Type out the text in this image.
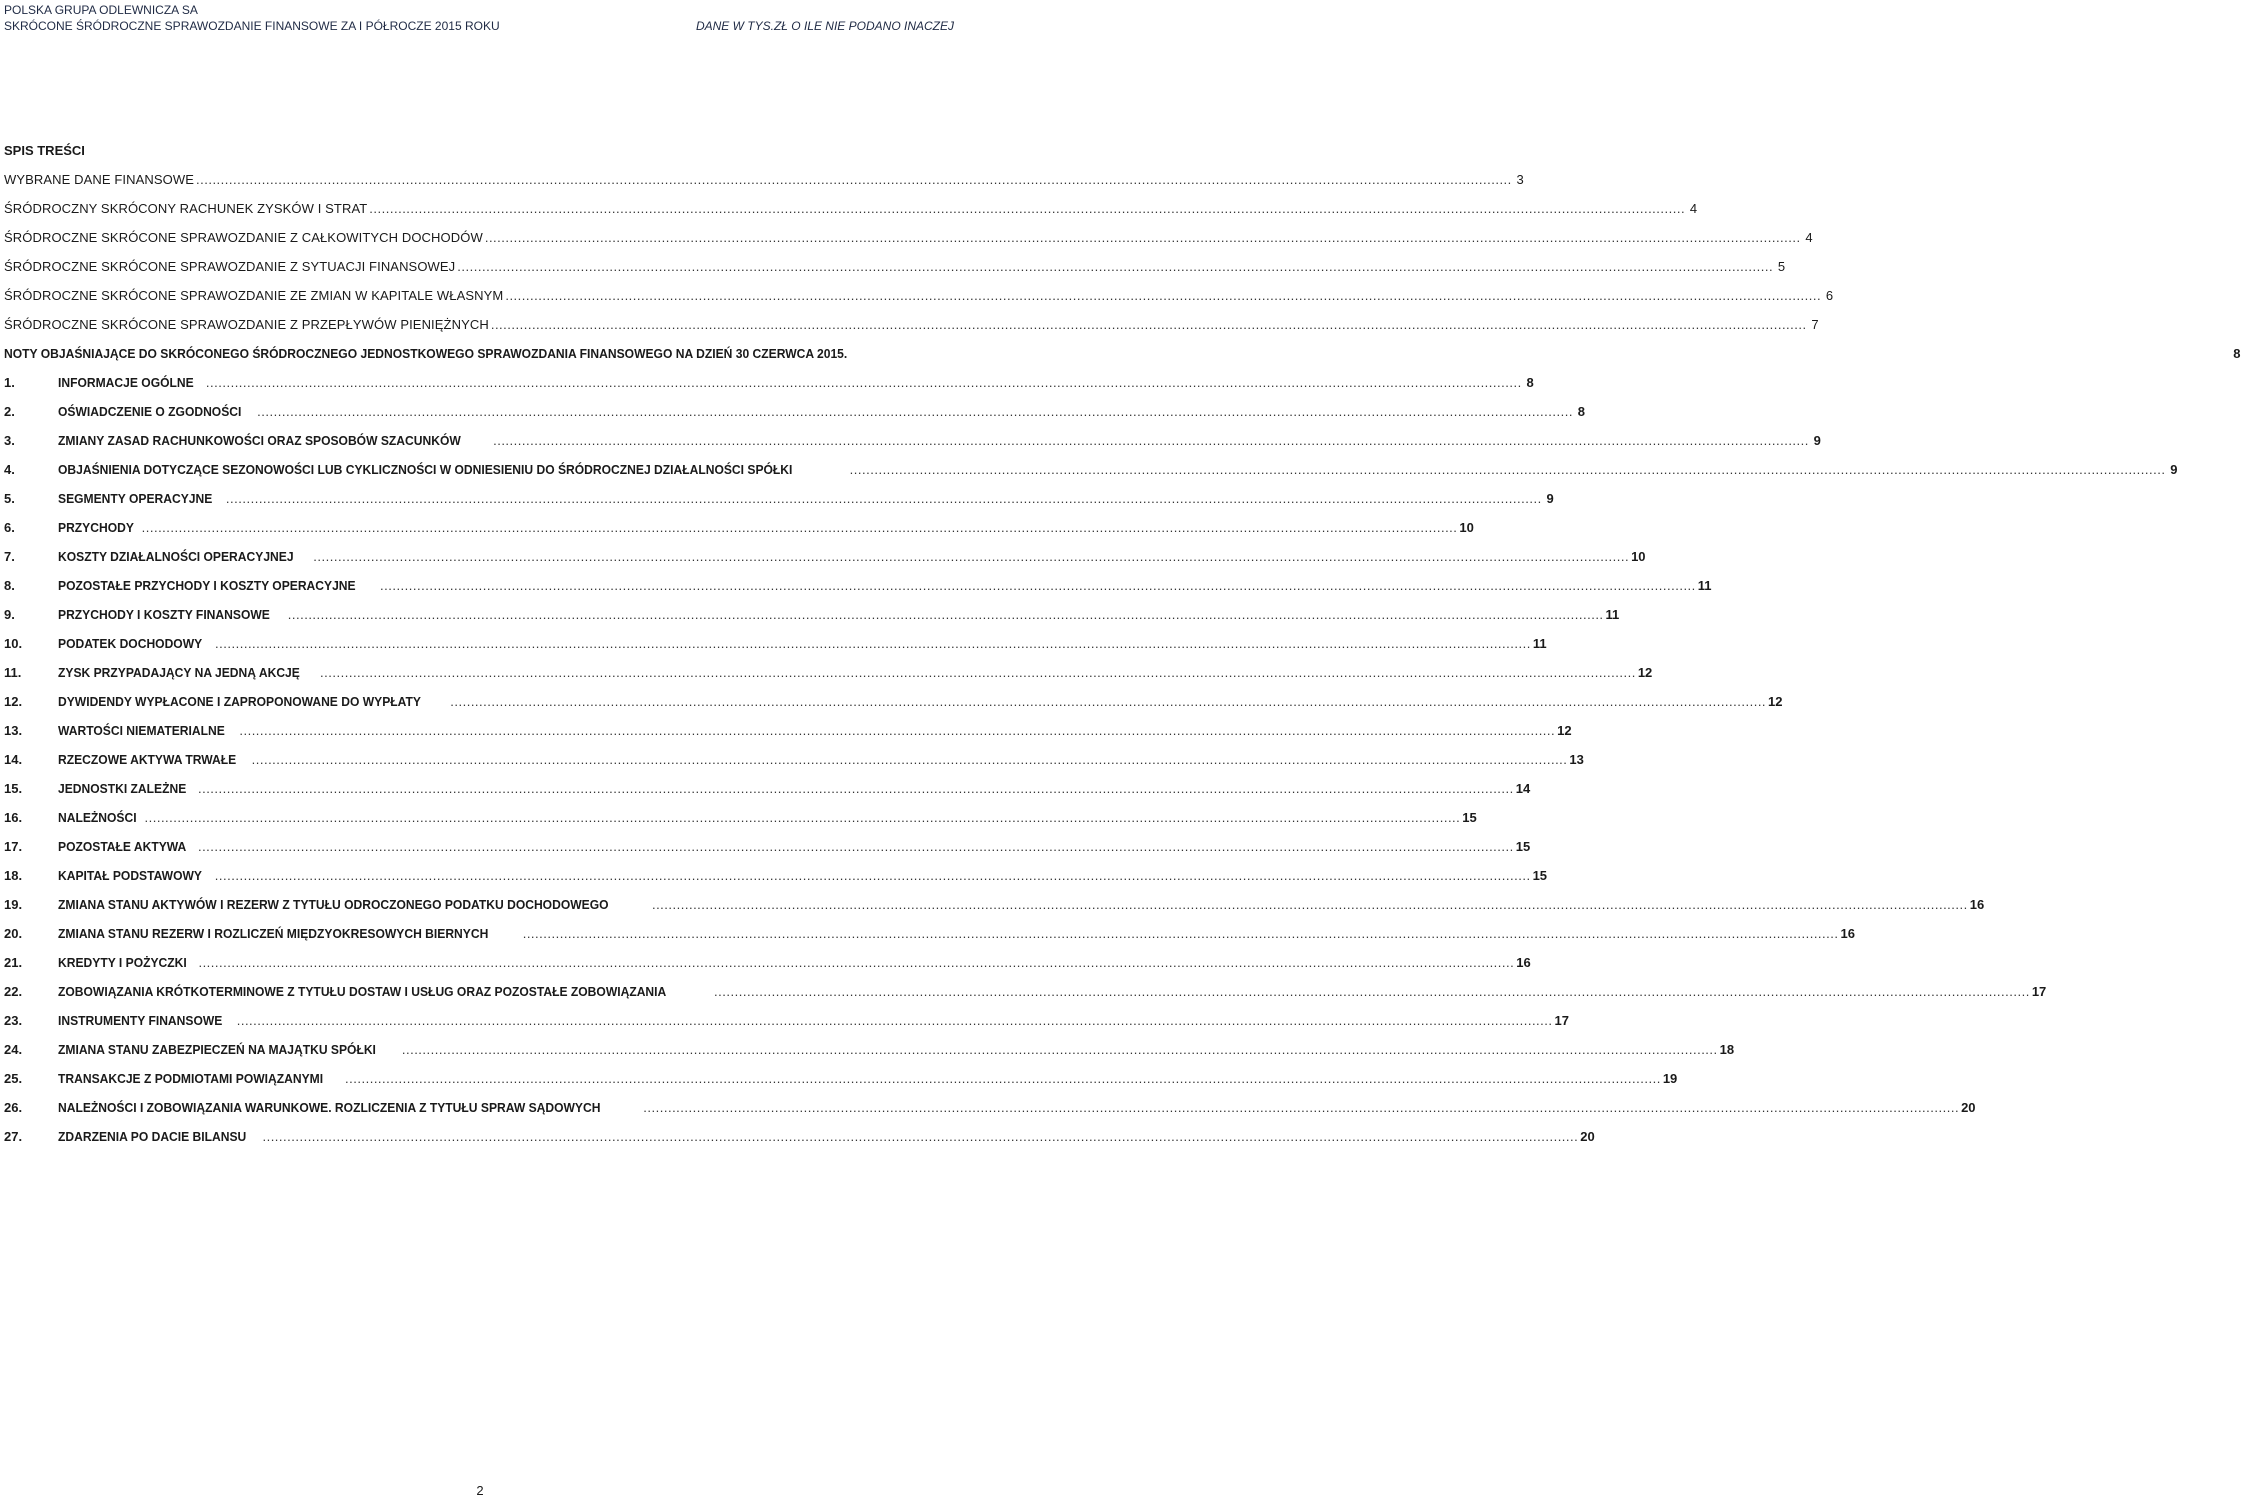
POLSKA GRUPA ODLEWNICZA SA
SKRÓCONE ŚRÓDROCZNE SPRAWOZDANIE FINANSOWE ZA I PÓŁROCZE 2015 ROKU	DANE W TYS.ZŁ O ILE NIE PODANO INACZEJ
SPIS TREŚCI
WYBRANE DANE FINANSOWE .....	3
ŚRÓDROCZNY SKRÓCONY RACHUNEK ZYSKÓW I STRAT .....	4
ŚRÓDROCZNE SKRÓCONE SPRAWOZDANIE Z CAŁKOWITYCH DOCHODÓW .....	4
ŚRÓDROCZNE SKRÓCONE SPRAWOZDANIE Z SYTUACJI FINANSOWEJ .....	5
ŚRÓDROCZNE SKRÓCONE SPRAWOZDANIE ZE ZMIAN W KAPITALE WŁASNYM .....	6
ŚRÓDROCZNE SKRÓCONE SPRAWOZDANIE Z PRZEPŁYWÓW PIENIĘŻNYCH .....	7
NOTY OBJAŚNIAJĄCE DO SKRÓCONEGO ŚRÓDROCZNEGO JEDNOSTKOWEGO SPRAWOZDANIA FINANSOWEGO NA DZIEŃ 30 CZERWCA 2015.	8
1.	INFORMACJE OGÓLNE .....	8
2.	OŚWIADCZENIE O ZGODNOŚCI .....	8
3.	ZMIANY ZASAD RACHUNKOWOŚCI ORAZ SPOSOBÓW SZACUNKÓW .....	9
4.	OBJAŚNIENIA DOTYCZĄCE SEZONOWOŚCI LUB CYKLICZNOŚCI W ODNIESIENIU DO ŚRÓDROCZNEJ DZIAŁALNOŚCI SPÓŁKI .....	9
5.	SEGMENTY OPERACYJNE .....	9
6.	PRZYCHODY .....	10
7.	KOSZTY DZIAŁALNOŚCI OPERACYJNEJ .....	10
8.	POZOSTAŁE PRZYCHODY I KOSZTY OPERACYJNE .....	11
9.	PRZYCHODY I KOSZTY FINANSOWE .....	11
10.	PODATEK DOCHODOWY .....	11
11.	ZYSK PRZYPADAJĄCY NA JEDNĄ AKCJĘ .....	12
12.	DYWIDENDY WYPŁACONE I ZAPROPONOWANE DO WYPŁATY .....	12
13.	WARTOŚCI NIEMATERIALNE .....	12
14.	RZECZOWE AKTYWA TRWAŁE .....	13
15.	JEDNOSTKI ZALEŻNE .....	14
16.	NALEŻNOŚCI .....	15
17.	POZOSTAŁE AKTYWA .....	15
18.	KAPITAŁ PODSTAWOWY .....	15
19.	ZMIANA STANU AKTYWÓW I REZERW Z TYTUŁU ODROCZONEGO PODATKU DOCHODOWEGO .....	16
20.	ZMIANA STANU REZERW I ROZLICZEŃ MIĘDZYOKRESOWYCH BIERNYCH .....	16
21.	KREDYTY I POŻYCZKI .....	16
22.	ZOBOWIĄZANIA KRÓTKOTERMINOWE Z TYTUŁU DOSTAW I USŁUG ORAZ POZOSTAŁE ZOBOWIĄZANIA .....	17
23.	INSTRUMENTY FINANSOWE .....	17
24.	ZMIANA STANU ZABEZPIECZEŃ NA MAJĄTKU SPÓŁKI .....	18
25.	TRANSAKCJE Z PODMIOTAMI POWIĄZANYMI .....	19
26.	NALEŻNOŚCI I ZOBOWIĄZANIA WARUNKOWE. ROZLICZENIA Z TYTUŁU SPRAW SĄDOWYCH .....	20
27.	ZDARZENIA PO DACIE BILANSU .....	20
2
